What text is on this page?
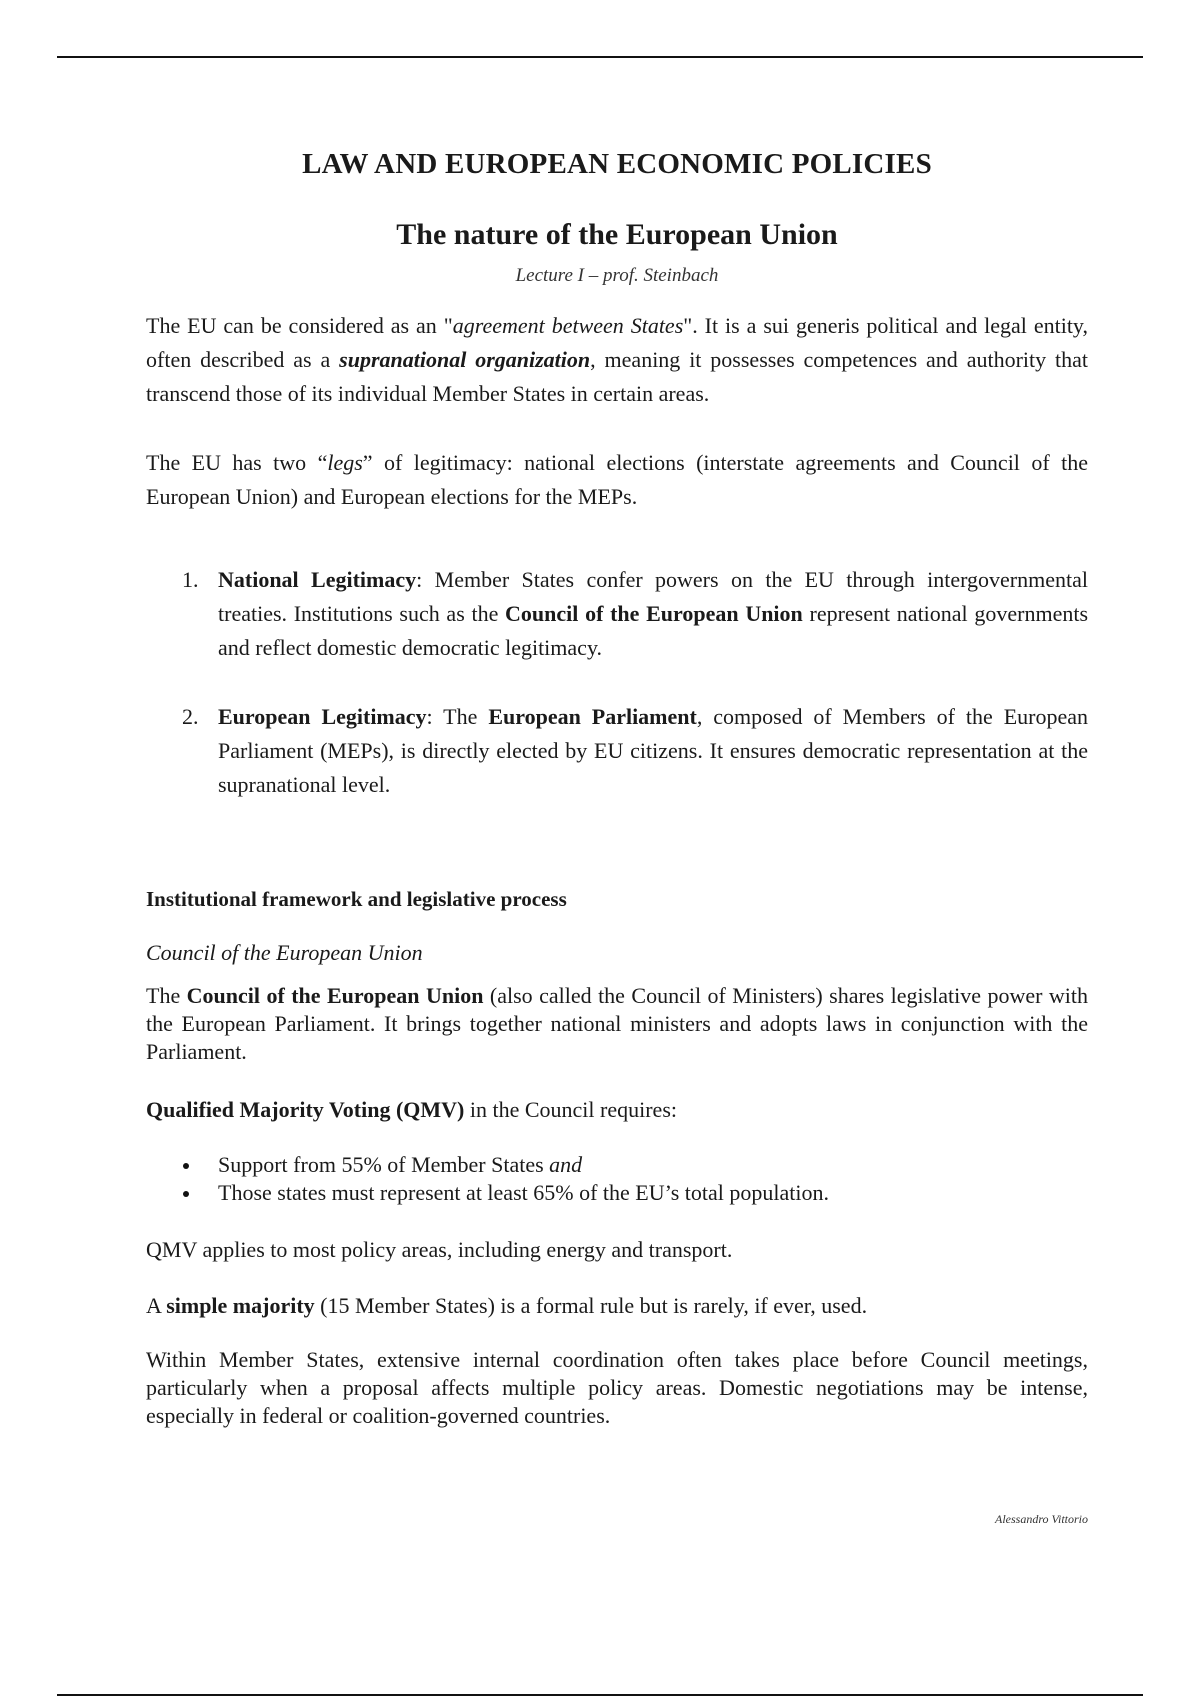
LAW AND EUROPEAN ECONOMIC POLICIES
The nature of the European Union
Lecture I – prof. Steinbach

The EU can be considered as an "agreement between States". It is a sui generis political and legal entity, often described as a supranational organization, meaning it possesses competences and authority that transcend those of its individual Member States in certain areas.

The EU has two “legs” of legitimacy: national elections (interstate agreements and Council of the European Union) and European elections for the MEPs.

1. National Legitimacy: Member States confer powers on the EU through intergovernmental treaties. Institutions such as the Council of the European Union represent national governments and reflect domestic democratic legitimacy.
2. European Legitimacy: The European Parliament, composed of Members of the European Parliament (MEPs), is directly elected by EU citizens. It ensures democratic representation at the supranational level.
Institutional framework and legislative process
Council of the European Union

The Council of the European Union (also called the Council of Ministers) shares legislative power with the European Parliament. It brings together national ministers and adopts laws in conjunction with the Parliament.

Qualified Majority Voting (QMV) in the Council requires:

Support from 55% of Member States and
Those states must represent at least 65% of the EU’s total population.

QMV applies to most policy areas, including energy and transport.

A simple majority (15 Member States) is a formal rule but is rarely, if ever, used.

Within Member States, extensive internal coordination often takes place before Council meetings, particularly when a proposal affects multiple policy areas. Domestic negotiations may be intense, especially in federal or coalition-governed countries.

Alessandro Vittorio
